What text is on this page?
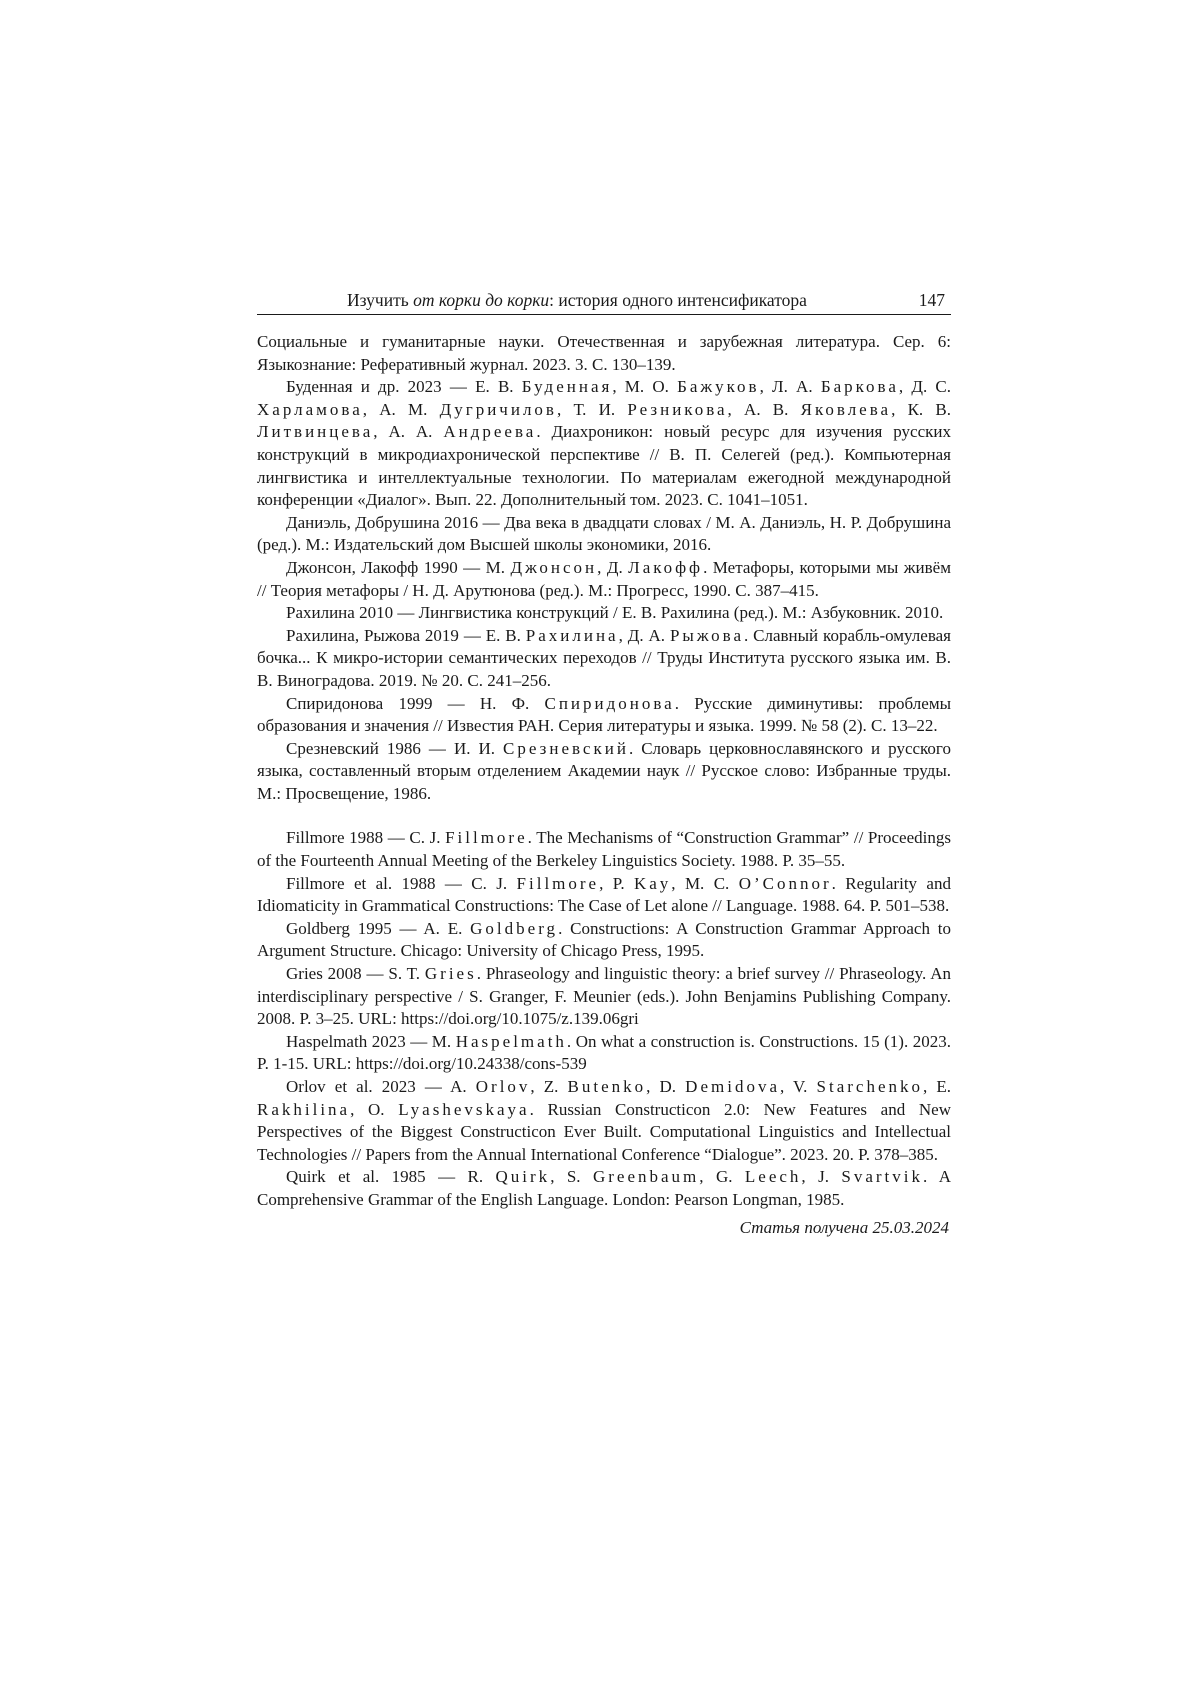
Изучить от корки до корки: история одного интенсификатора	147

Социальные и гуманитарные науки. Отечественная и зарубежная литература. Сер. 6: Языкознание: Реферативный журнал. 2023. 3. С. 130–139.

Буденная и др. 2023 — Е. В. Буденная, М. О. Бажуков, Л. А. Баркова, Д. С. Харламова, А. М. Дугричилов, Т. И. Резникова, А. В. Яковлева, К. В. Литвинцева, А. А. Андреева. Диахроникон: новый ресурс для изучения русских конструкций в микродиахронической перспективе // В. П. Селегей (ред.). Компьютерная лингвистика и интеллектуальные технологии. По материалам ежегодной международной конференции «Диалог». Вып. 22. Дополнительный том. 2023. С. 1041–1051.

Даниэль, Добрушина 2016 — Два века в двадцати словах / М. А. Даниэль, Н. Р. Добрушина (ред.). М.: Издательский дом Высшей школы экономики, 2016.

Джонсон, Лакофф 1990 — М. Джонсон, Д. Лакофф. Метафоры, которыми мы живём // Теория метафоры / Н. Д. Арутюнова (ред.). М.: Прогресс, 1990. С. 387–415.

Рахилина 2010 — Лингвистика конструкций / Е. В. Рахилина (ред.). М.: Азбуковник. 2010.

Рахилина, Рыжова 2019 — Е. В. Рахилина, Д. А. Рыжова. Славный корабль-омулевая бочка... К микро-истории семантических переходов // Труды Института русского языка им. В. В. Виноградова. 2019. № 20. С. 241–256.

Спиридонова 1999 — Н. Ф. Спиридонова. Русские диминутивы: проблемы образования и значения // Известия РАН. Серия литературы и языка. 1999. № 58 (2). С. 13–22.

Срезневский 1986 — И. И. Срезневский. Словарь церковнославянского и русского языка, составленный вторым отделением Академии наук // Русское слово: Избранные труды. М.: Просвещение, 1986.

Fillmore 1988 — C. J. Fillmore. The Mechanisms of “Construction Grammar” // Proceedings of the Fourteenth Annual Meeting of the Berkeley Linguistics Society. 1988. P. 35–55.

Fillmore et al. 1988 — C. J. Fillmore, P. Kay, M. C. O’Connor. Regularity and Idiomaticity in Grammatical Constructions: The Case of Let alone // Language. 1988. 64. P. 501–538.

Goldberg 1995 — A. E. Goldberg. Constructions: A Construction Grammar Approach to Argument Structure. Chicago: University of Chicago Press, 1995.

Gries 2008 — S. T. Gries. Phraseology and linguistic theory: a brief survey // Phraseology. An interdisciplinary perspective / S. Granger, F. Meunier (eds.). John Benjamins Publishing Company. 2008. P. 3–25. URL: https://doi.org/10.1075/z.139.06gri

Haspelmath 2023 — M. Haspelmath. On what a construction is. Constructions. 15 (1). 2023. P. 1-15. URL: https://doi.org/10.24338/cons-539

Orlov et al. 2023 — A. Orlov, Z. Butenko, D. Demidova, V. Starchenko, E. Rakhilina, O. Lyashevskaya. Russian Constructicon 2.0: New Features and New Perspectives of the Biggest Constructicon Ever Built. Computational Linguistics and Intellectual Technologies // Papers from the Annual International Conference “Dialogue”. 2023. 20. P. 378–385.

Quirk et al. 1985 — R. Quirk, S. Greenbaum, G. Leech, J. Svartvik. A Comprehensive Grammar of the English Language. London: Pearson Longman, 1985.

Статья получена 25.03.2024
